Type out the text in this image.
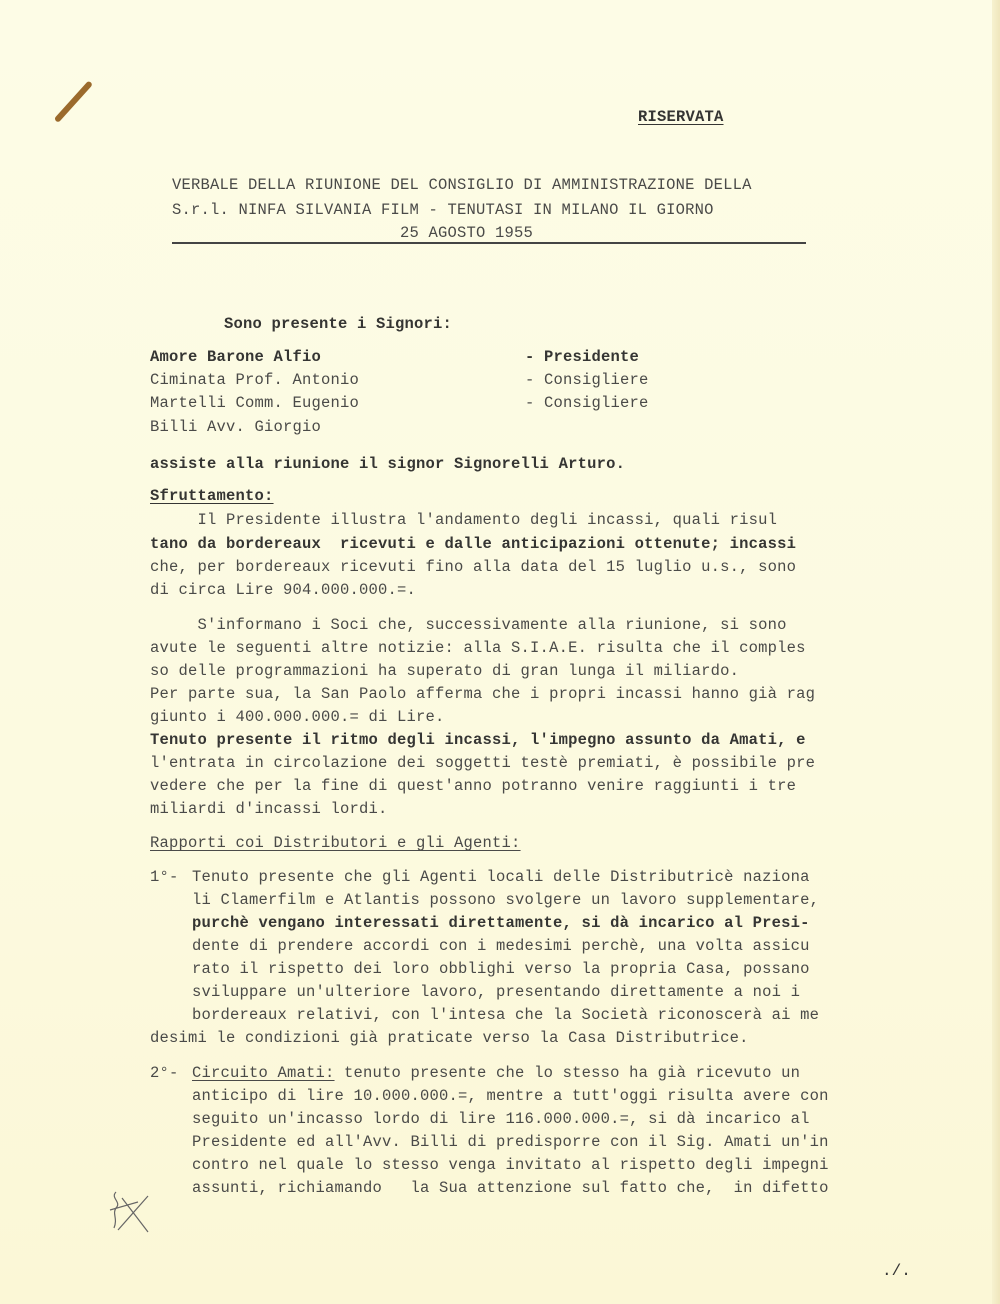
RISERVATA
VERBALE DELLA RIUNIONE DEL CONSIGLIO DI AMMINISTRAZIONE DELLA
S.r.l. NINFA SILVANIA FILM - TENUTASI IN MILANO IL GIORNO
25 AGOSTO 1955
Sono presente i Signori:
Amore Barone Alfio	- Presidente
Ciminata Prof. Antonio	- Consigliere
Martelli Comm. Eugenio	- Consigliere
Billi Avv. Giorgio
assiste alla riunione il signor Signorelli Arturo.
Sfruttamento:
Il Presidente illustra l'andamento degli incassi, quali risul
tano da bordereaux  ricevuti e dalle anticipazioni ottenute; incassi
che, per bordereaux ricevuti fino alla data del 15 luglio u.s., sono
di circa Lire 904.000.000.=.
S'informano i Soci che, successivamente alla riunione, si sono
avute le seguenti altre notizie: alla S.I.A.E. risulta che il comples
so delle programmazioni ha superato di gran lunga il miliardo.
Per parte sua, la San Paolo afferma che i propri incassi hanno già rag
giunto i 400.000.000.= di Lire.
Tenuto presente il ritmo degli incassi, l'impegno assunto da Amati, e
l'entrata in circolazione dei soggetti testè premiati, è possibile pre
vedere che per la fine di quest'anno potranno venire raggiunti i tre
miliardi d'incassi lordi.
Rapporti coi Distributori e gli Agenti:
1°- Tenuto presente che gli Agenti locali delle Distributricè naziona
li Clamerfilm e Atlantis possono svolgere un lavoro supplementare,
purchè vengano interessati direttamente, si dà incarico al Presi-
dente di prendere accordi con i medesimi perchè, una volta assicu
rato il rispetto dei loro obblighi verso la propria Casa, possano
sviluppare un'ulteriore lavoro, presentando direttamente a noi i
bordereaux relativi, con l'intesa che la Società riconoscerà ai me
desimi le condizioni già praticate verso la Casa Distributrice.
2°- Circuito Amati: tenuto presente che lo stesso ha già ricevuto un
anticipo di lire 10.000.000.=, mentre a tutt'oggi risulta avere con
seguito un'incasso lordo di lire 116.000.000.=, si dà incarico al
Presidente ed all'Avv. Billi di predisporre con il Sig. Amati un'in
contro nel quale lo stesso venga invitato al rispetto degli impegni
assunti, richiamando   la Sua attenzione sul fatto che,  in difetto
./.
